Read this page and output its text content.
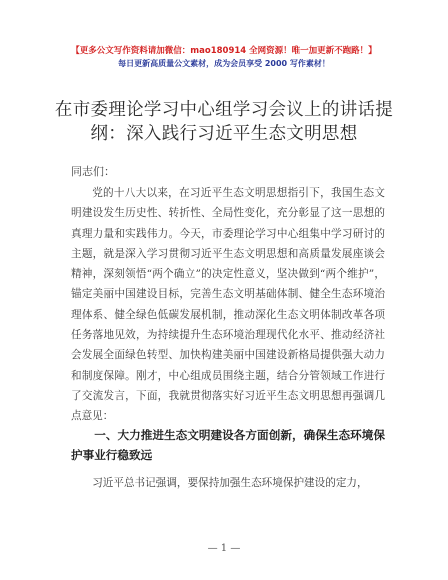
【更多公文写作资料请加微信：mao180914 全网资源！唯一加更新不跑路！】
每日更新高质量公文素材，成为会员享受 2000 写作素材！
在市委理论学习中心组学习会议上的讲话提纲：深入践行习近平生态文明思想
同志们：
党的十八大以来，在习近平生态文明思想指引下，我国生态文明建设发生历史性、转折性、全局性变化，充分彰显了这一思想的真理力量和实践伟力。今天，市委理论学习中心组集中学习研讨的主题，就是深入学习贯彻习近平生态文明思想和高质量发展座谈会精神，深刻领悟“两个确立”的决定性意义，坚决做到“两个维护”，锚定美丽中国建设目标，完善生态文明基础体制、健全生态环境治理体系、健全绿色低碳发展机制，推动深化生态文明体制改革各项任务落地见效，为持续提升生态环境治理现代化水平、推动经济社会发展全面绿色转型、加快构建美丽中国建设新格局提供强大动力和制度保障。刚才，中心组成员围绕主题，结合分管领域工作进行了交流发言，下面，我就贯彻落实好习近平生态文明思想再强调几点意见：
一、大力推进生态文明建设各方面创新，确保生态环境保护事业行稳致远
习近平总书记强调，要保持加强生态环境保护建设的定力，
— 1 —
